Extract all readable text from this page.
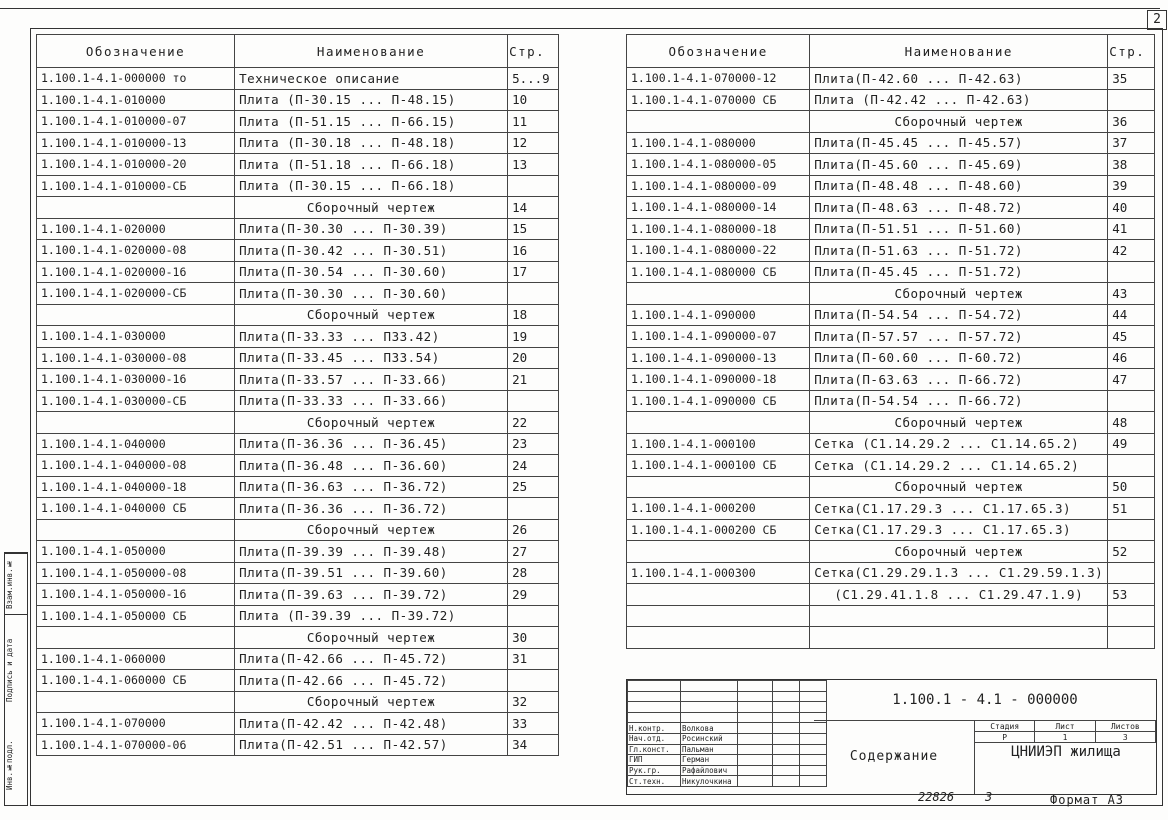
2
Обозначение	Наименование	Стр.
1.100.1-4.1-000000 то	Техническое описание	5...9
1.100.1-4.1-010000	Плита (П-30.15 ... П-48.15)	10
1.100.1-4.1-010000-07	Плита (П-51.15 ... П-66.15)	11
1.100.1-4.1-010000-13	Плита (П-30.18 ... П-48.18)	12
1.100.1-4.1-010000-20	Плита (П-51.18 ... П-66.18)	13
1.100.1-4.1-010000-СБ	Плита (П-30.15 ... П-66.18)	
	Сборочный чертеж	14
1.100.1-4.1-020000	Плита(П-30.30 ... П-30.39)	15
1.100.1-4.1-020000-08	Плита(П-30.42 ... П-30.51)	16
1.100.1-4.1-020000-16	Плита(П-30.54 ... П-30.60)	17
1.100.1-4.1-020000-СБ	Плита(П-30.30 ... П-30.60)	
	Сборочный чертеж	18
1.100.1-4.1-030000	Плита(П-33.33 ... П33.42)	19
1.100.1-4.1-030000-08	Плита(П-33.45 ... П33.54)	20
1.100.1-4.1-030000-16	Плита(П-33.57 ... П-33.66)	21
1.100.1-4.1-030000-СБ	Плита(П-33.33 ... П-33.66)	
	Сборочный чертеж	22
1.100.1-4.1-040000	Плита(П-36.36 ... П-36.45)	23
1.100.1-4.1-040000-08	Плита(П-36.48 ... П-36.60)	24
1.100.1-4.1-040000-18	Плита(П-36.63 ... П-36.72)	25
1.100.1-4.1-040000 СБ	Плита(П-36.36 ... П-36.72)	
	Сборочный чертеж	26
1.100.1-4.1-050000	Плита(П-39.39 ... П-39.48)	27
1.100.1-4.1-050000-08	Плита(П-39.51 ... П-39.60)	28
1.100.1-4.1-050000-16	Плита(П-39.63 ... П-39.72)	29
1.100.1-4.1-050000 СБ	Плита (П-39.39 ... П-39.72)	
	Сборочный чертеж	30
1.100.1-4.1-060000	Плита(П-42.66 ... П-45.72)	31
1.100.1-4.1-060000 СБ	Плита(П-42.66 ... П-45.72)	
	Сборочный чертеж	32
1.100.1-4.1-070000	Плита(П-42.42 ... П-42.48)	33
1.100.1-4.1-070000-06	Плита(П-42.51 ... П-42.57)	34
Обозначение	Наименование	Стр.
1.100.1-4.1-070000-12	Плита(П-42.60 ... П-42.63)	35
1.100.1-4.1-070000 СБ	Плита (П-42.42 ... П-42.63)	
	Сборочный чертеж	36
1.100.1-4.1-080000	Плита(П-45.45 ... П-45.57)	37
1.100.1-4.1-080000-05	Плита(П-45.60 ... П-45.69)	38
1.100.1-4.1-080000-09	Плита(П-48.48 ... П-48.60)	39
1.100.1-4.1-080000-14	Плита(П-48.63 ... П-48.72)	40
1.100.1-4.1-080000-18	Плита(П-51.51 ... П-51.60)	41
1.100.1-4.1-080000-22	Плита(П-51.63 ... П-51.72)	42
1.100.1-4.1-080000 СБ	Плита(П-45.45 ... П-51.72)	
	Сборочный чертеж	43
1.100.1-4.1-090000	Плита(П-54.54 ... П-54.72)	44
1.100.1-4.1-090000-07	Плита(П-57.57 ... П-57.72)	45
1.100.1-4.1-090000-13	Плита(П-60.60 ... П-60.72)	46
1.100.1-4.1-090000-18	Плита(П-63.63 ... П-66.72)	47
1.100.1-4.1-090000 СБ	Плита(П-54.54 ... П-66.72)	
	Сборочный чертеж	48
1.100.1-4.1-000100	Сетка (С1.14.29.2 ... С1.14.65.2)	49
1.100.1-4.1-000100 СБ	Сетка (С1.14.29.2 ... С1.14.65.2)	
	Сборочный чертеж	50
1.100.1-4.1-000200	Сетка(С1.17.29.3 ... С1.17.65.3)	51
1.100.1-4.1-000200 СБ	Сетка(С1.17.29.3 ... С1.17.65.3)	
	Сборочный чертеж	52
1.100.1-4.1-000300	Сетка(С1.29.29.1.3 ... С1.29.59.1.3)	
	(С1.29.41.1.8 ... С1.29.47.1.9)	53

Взам.инв.№
Подпись и дата
Инв.№подл.

Н.контр.	Волкова			
Нач.отд.	Росинский			
Гл.конст.	Пальман			
ГИП	Герман			
Рук.гр.	Рафайлович			
Ст.техн.	Никулочкина			
1.100.1 - 4.1 - 000000
Содержание
Стадия	Лист	Листов
Р	1	3
ЦНИИЭП жилища
22826	3	Формат А3
